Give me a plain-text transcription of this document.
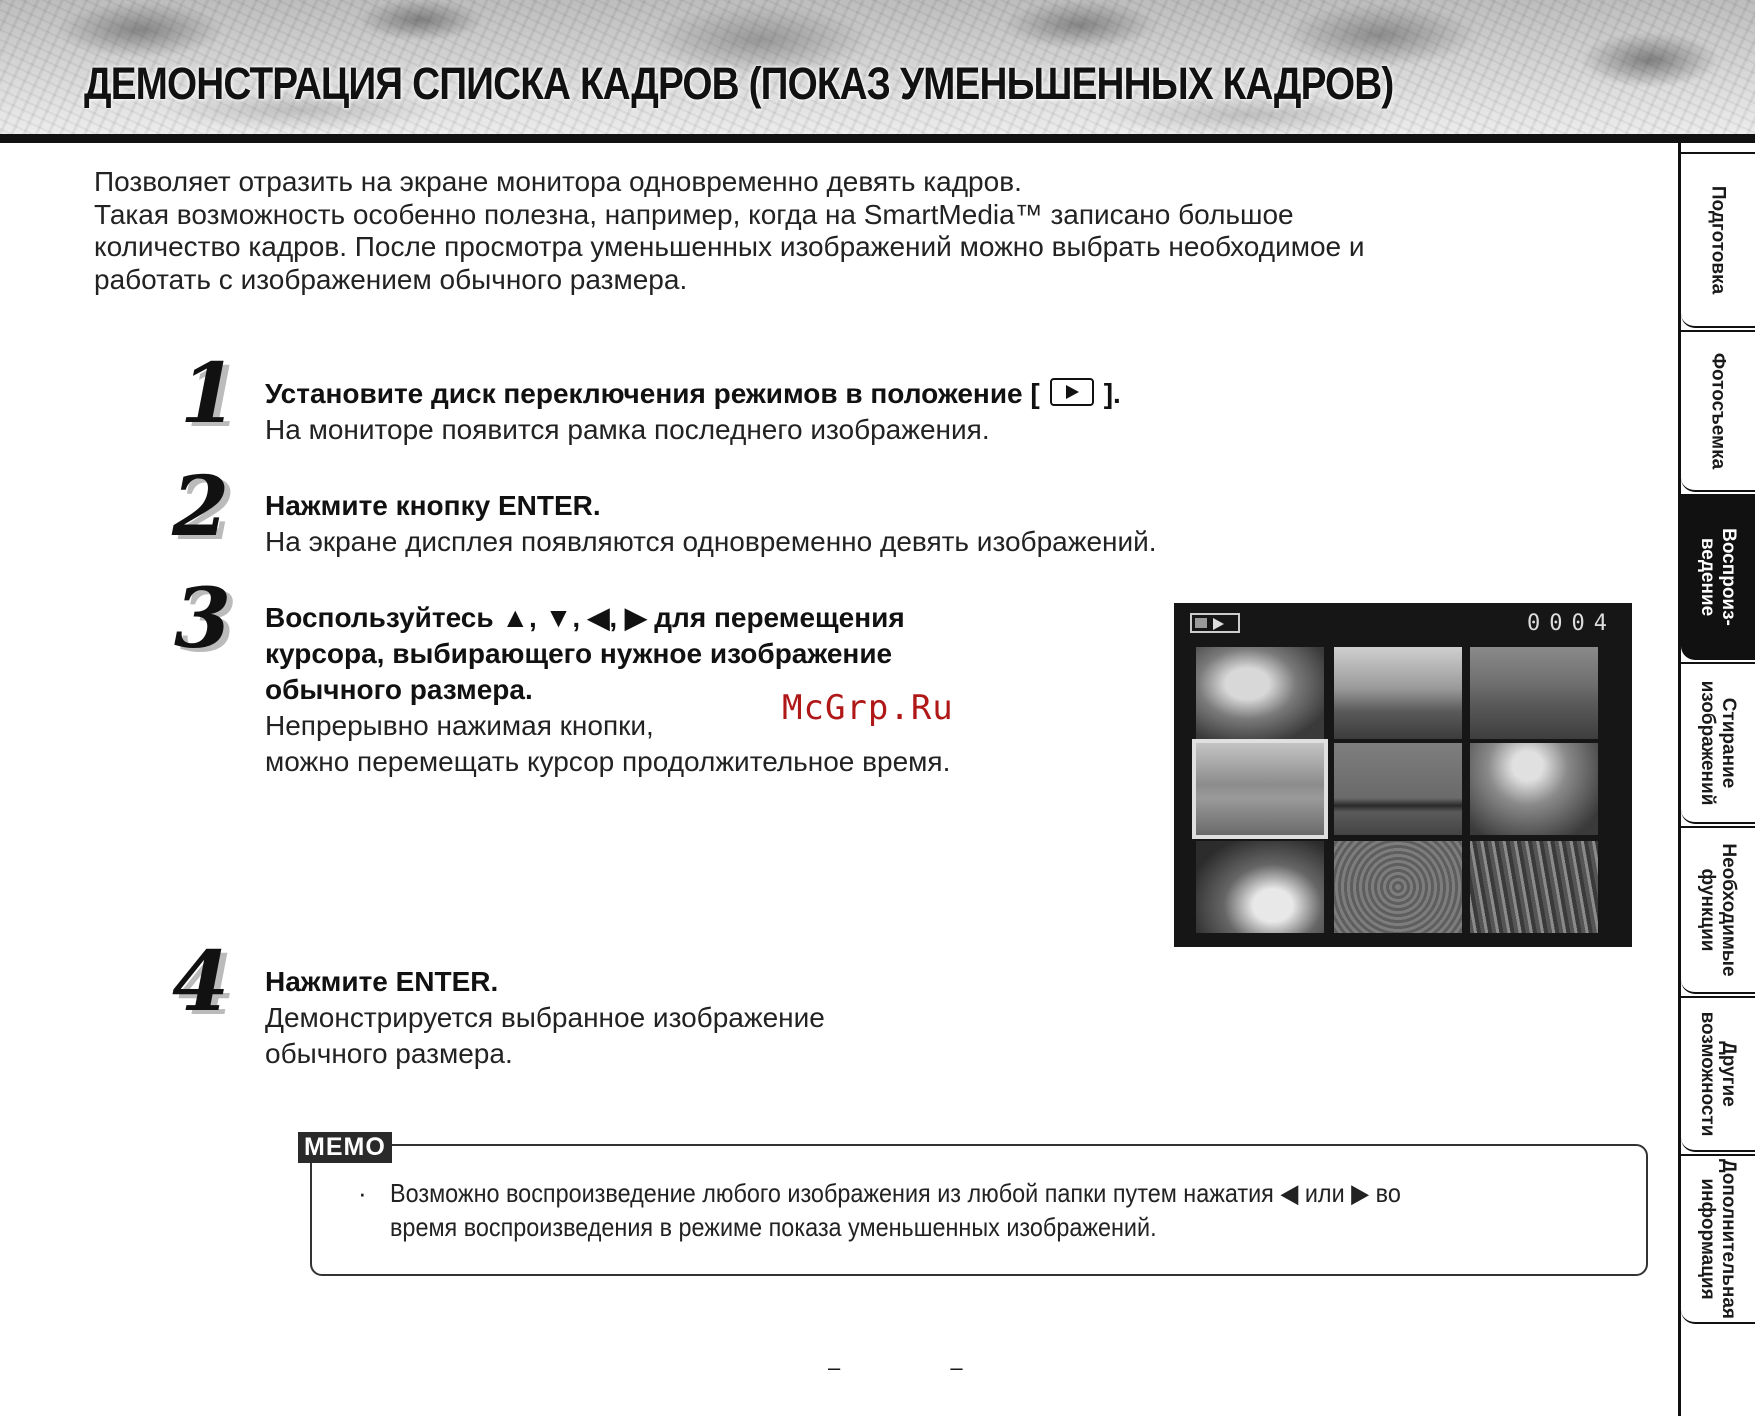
ДЕМОНСТРАЦИЯ СПИСКА КАДРОВ (ПОКАЗ УМЕНЬШЕННЫХ КАДРОВ)
Позволяет отразить на экране монитора одновременно девять кадров.
Такая возможность особенно полезна, например, когда на SmartMedia™ записано большое
количество кадров. После просмотра уменьшенных изображений можно выбрать необходимое и
работать с изображением обычного размера.
1 Установите диск переключения режимов в положение [ ].
На мониторе появится рамка последнего изображения.
2 Нажмите кнопку ENTER.
На экране дисплея появляются одновременно девять изображений.
3 Воспользуйтесь ▲, ▼, ◀, ▶ для перемещения
курсора, выбирающего нужное изображение
обычного размера.
Непрерывно нажимая кнопки,
можно перемещать курсор продолжительное время.
McGrp.Ru
0004
4 Нажмите ENTER.
Демонстрируется выбранное изображение
обычного размера.
MEMO
· Возможно воспроизведение любого изображения из любой папки путем нажатия ◀ или ▶ во
время воспроизведения в режиме показа уменьшенных изображений.
– –
Подготовка
Фотосъемка
Воспроиз-
ведение
Стирание
изображений
Необходимые
функции
Другие
возможности
Дополнительная
информация
